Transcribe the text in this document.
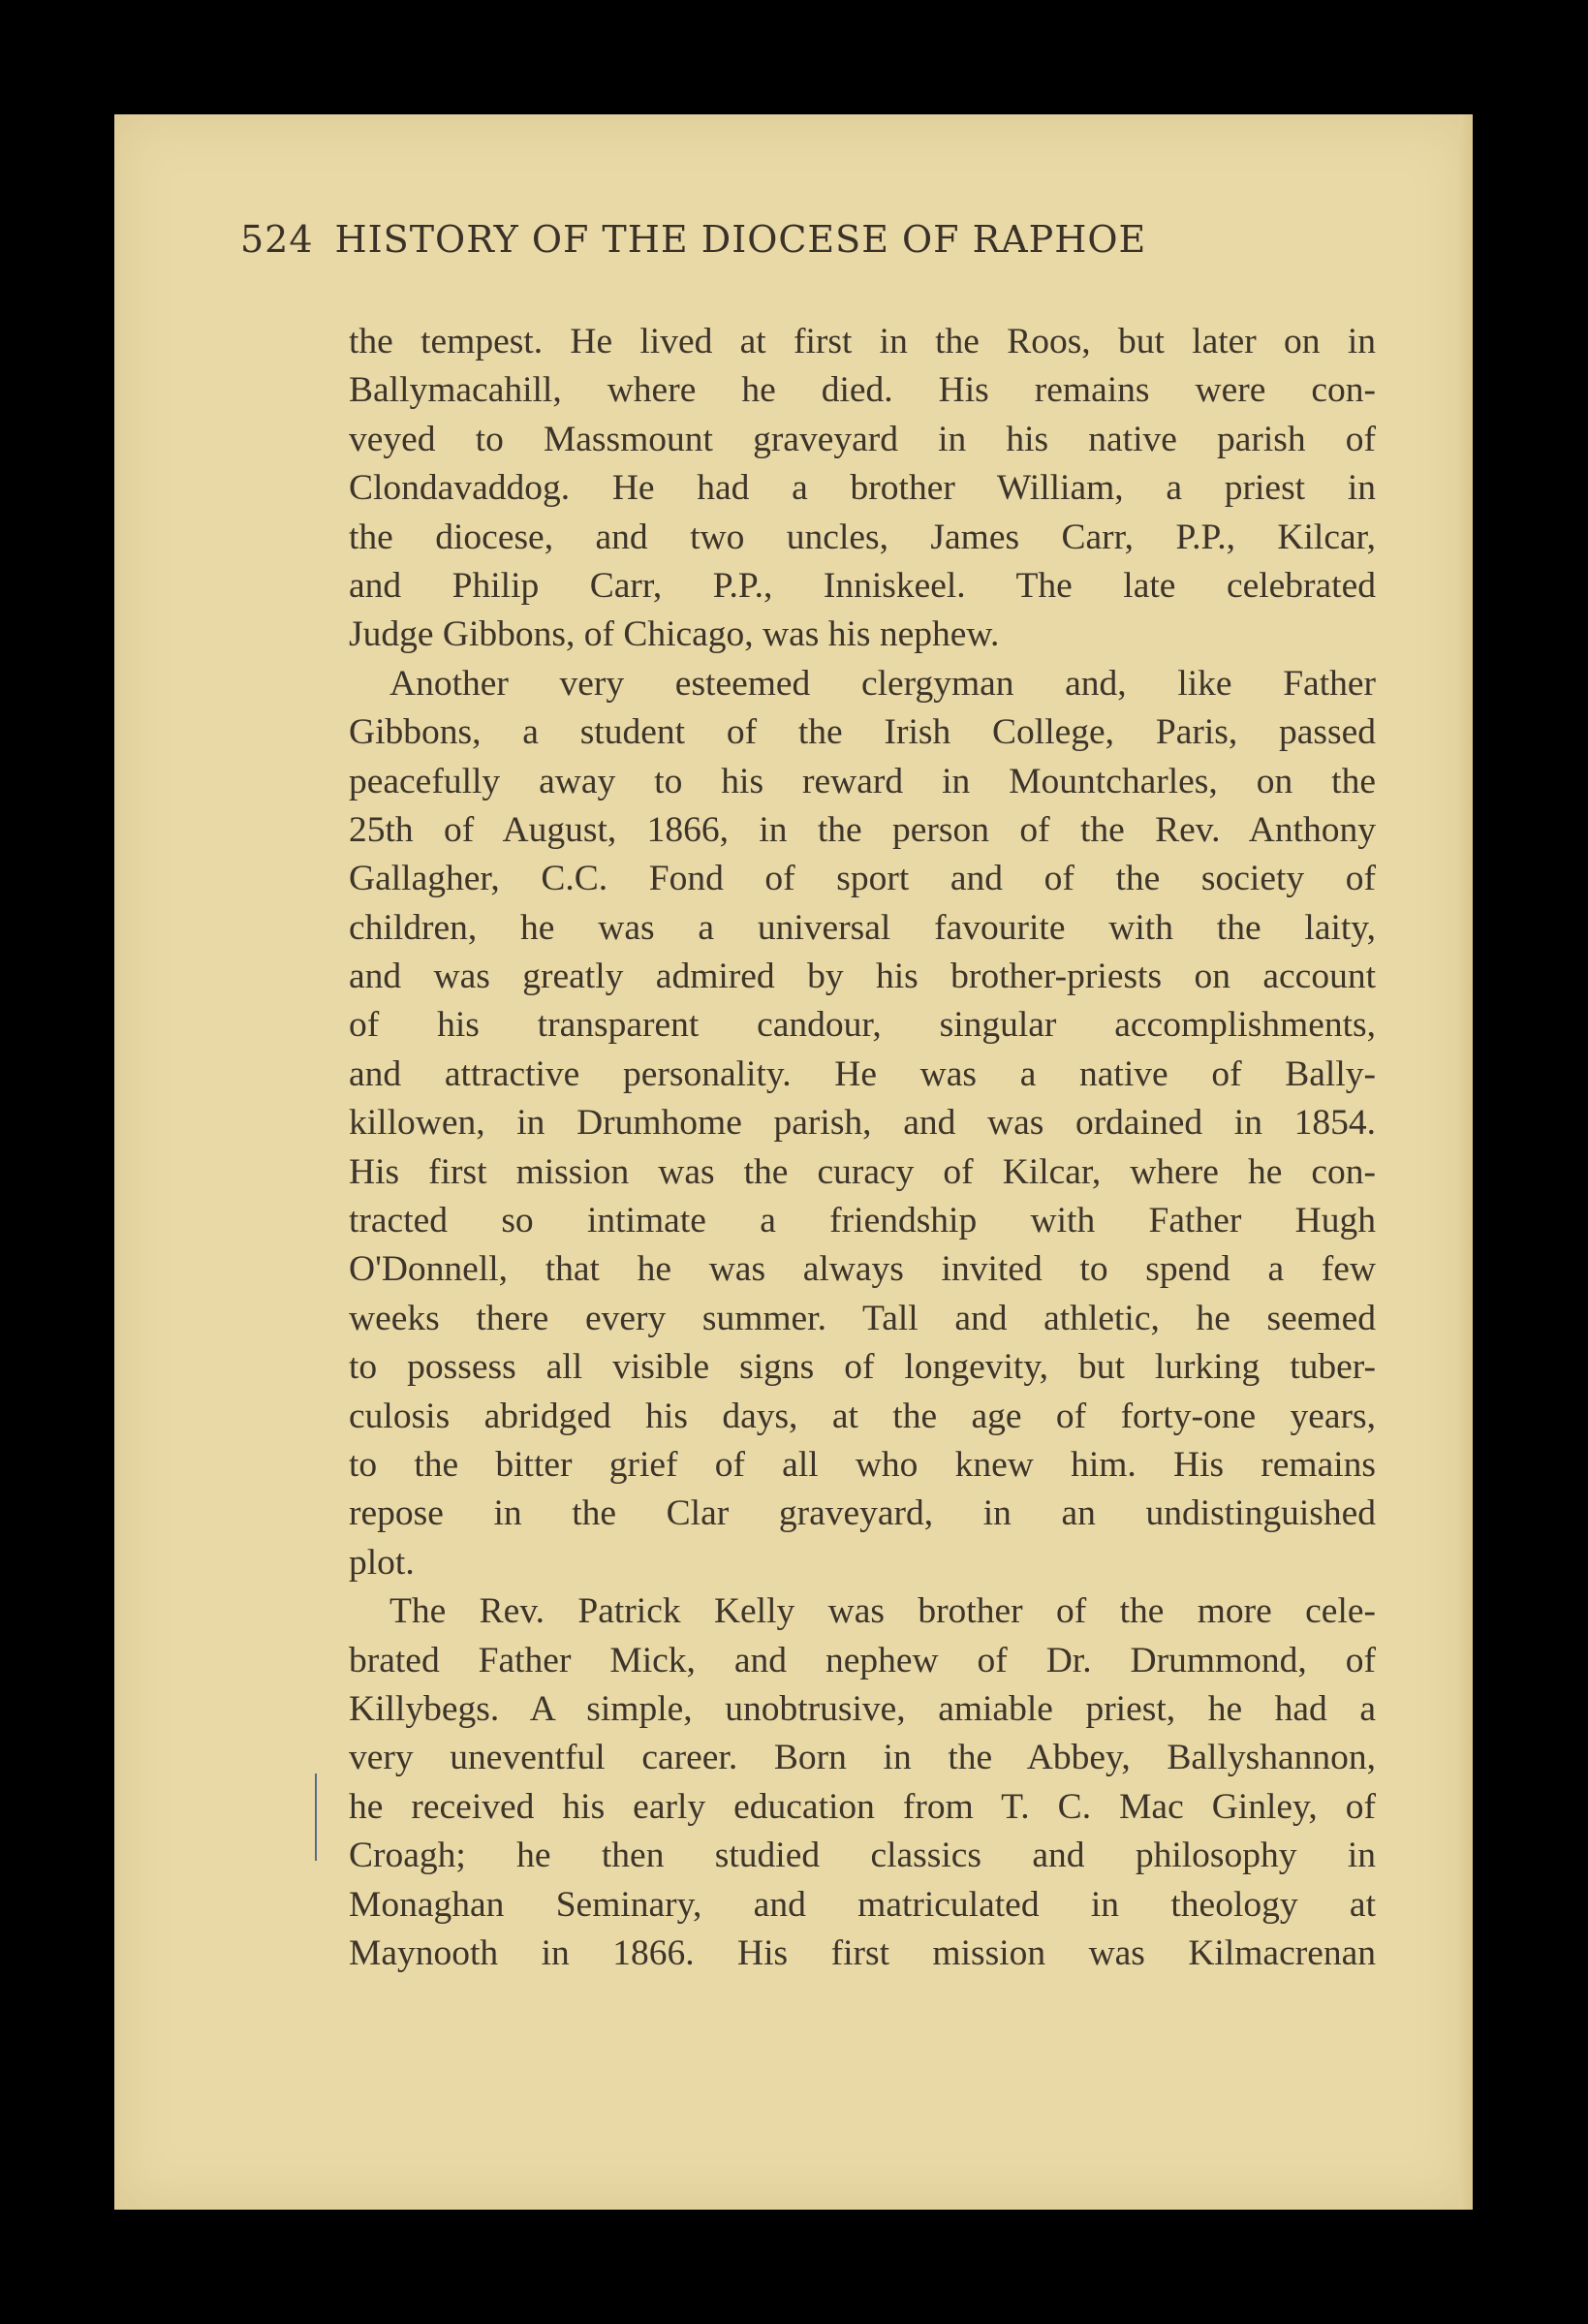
524 HISTORY OF THE DIOCESE OF RAPHOE
the tempest. He lived at first in the Roos, but later on in
Ballymacahill, where he died. His remains were con-
veyed to Massmount graveyard in his native parish of
Clondavaddog. He had a brother William, a priest in
the diocese, and two uncles, James Carr, P.P., Kilcar,
and Philip Carr, P.P., Inniskeel. The late celebrated
Judge Gibbons, of Chicago, was his nephew.
Another very esteemed clergyman and, like Father
Gibbons, a student of the Irish College, Paris, passed
peacefully away to his reward in Mountcharles, on the
25th of August, 1866, in the person of the Rev. Anthony
Gallagher, C.C. Fond of sport and of the society of
children, he was a universal favourite with the laity,
and was greatly admired by his brother-priests on account
of his transparent candour, singular accomplishments,
and attractive personality. He was a native of Bally-
killowen, in Drumhome parish, and was ordained in 1854.
His first mission was the curacy of Kilcar, where he con-
tracted so intimate a friendship with Father Hugh
O'Donnell, that he was always invited to spend a few
weeks there every summer. Tall and athletic, he seemed
to possess all visible signs of longevity, but lurking tuber-
culosis abridged his days, at the age of forty-one years,
to the bitter grief of all who knew him. His remains
repose in the Clar graveyard, in an undistinguished
plot.
The Rev. Patrick Kelly was brother of the more cele-
brated Father Mick, and nephew of Dr. Drummond, of
Killybegs. A simple, unobtrusive, amiable priest, he had a
very uneventful career. Born in the Abbey, Ballyshannon,
he received his early education from T. C. Mac Ginley, of
Croagh; he then studied classics and philosophy in
Monaghan Seminary, and matriculated in theology at
Maynooth in 1866. His first mission was Kilmacrenan
